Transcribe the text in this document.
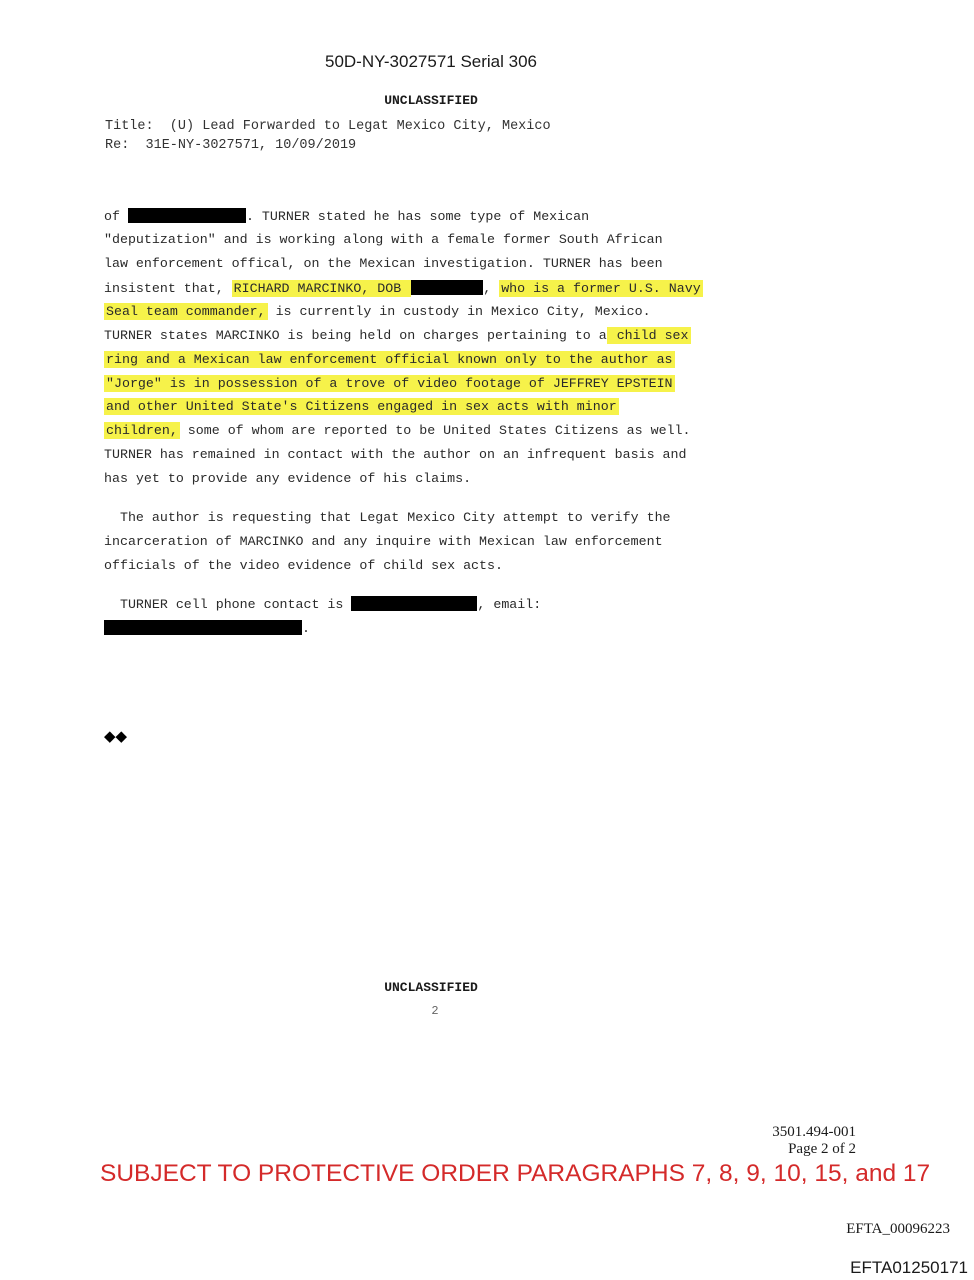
50D-NY-3027571 Serial 306
UNCLASSIFIED
Title:  (U) Lead Forwarded to Legat Mexico City, Mexico
Re:  31E-NY-3027571, 10/09/2019
of	. TURNER stated he has some type of Mexican
"deputization" and is working along with a female former South African
law enforcement offical, on the Mexican investigation. TURNER has been
insistent that, RICHARD MARCINKO, DOB	, who is a former U.S. Navy
Seal team commander, is currently in custody in Mexico City, Mexico.
TURNER states MARCINKO is being held on charges pertaining to a child sex
ring and a Mexican law enforcement official known only to the author as
"Jorge" is in possession of a trove of video footage of JEFFREY EPSTEIN
and other United State's Citizens engaged in sex acts with minor
children, some of whom are reported to be United States Citizens as well.
TURNER has remained in contact with the author on an infrequent basis and
has yet to provide any evidence of his claims.
The author is requesting that Legat Mexico City attempt to verify the
incarceration of MARCINKO and any inquire with Mexican law enforcement
officials of the video evidence of child sex acts.
TURNER cell phone contact is	, email:
.
◆◆
UNCLASSIFIED
2
3501.494-001
Page 2 of 2
SUBJECT TO PROTECTIVE ORDER PARAGRAPHS 7, 8, 9, 10, 15, and 17
EFTA_00096223
EFTA01250171
